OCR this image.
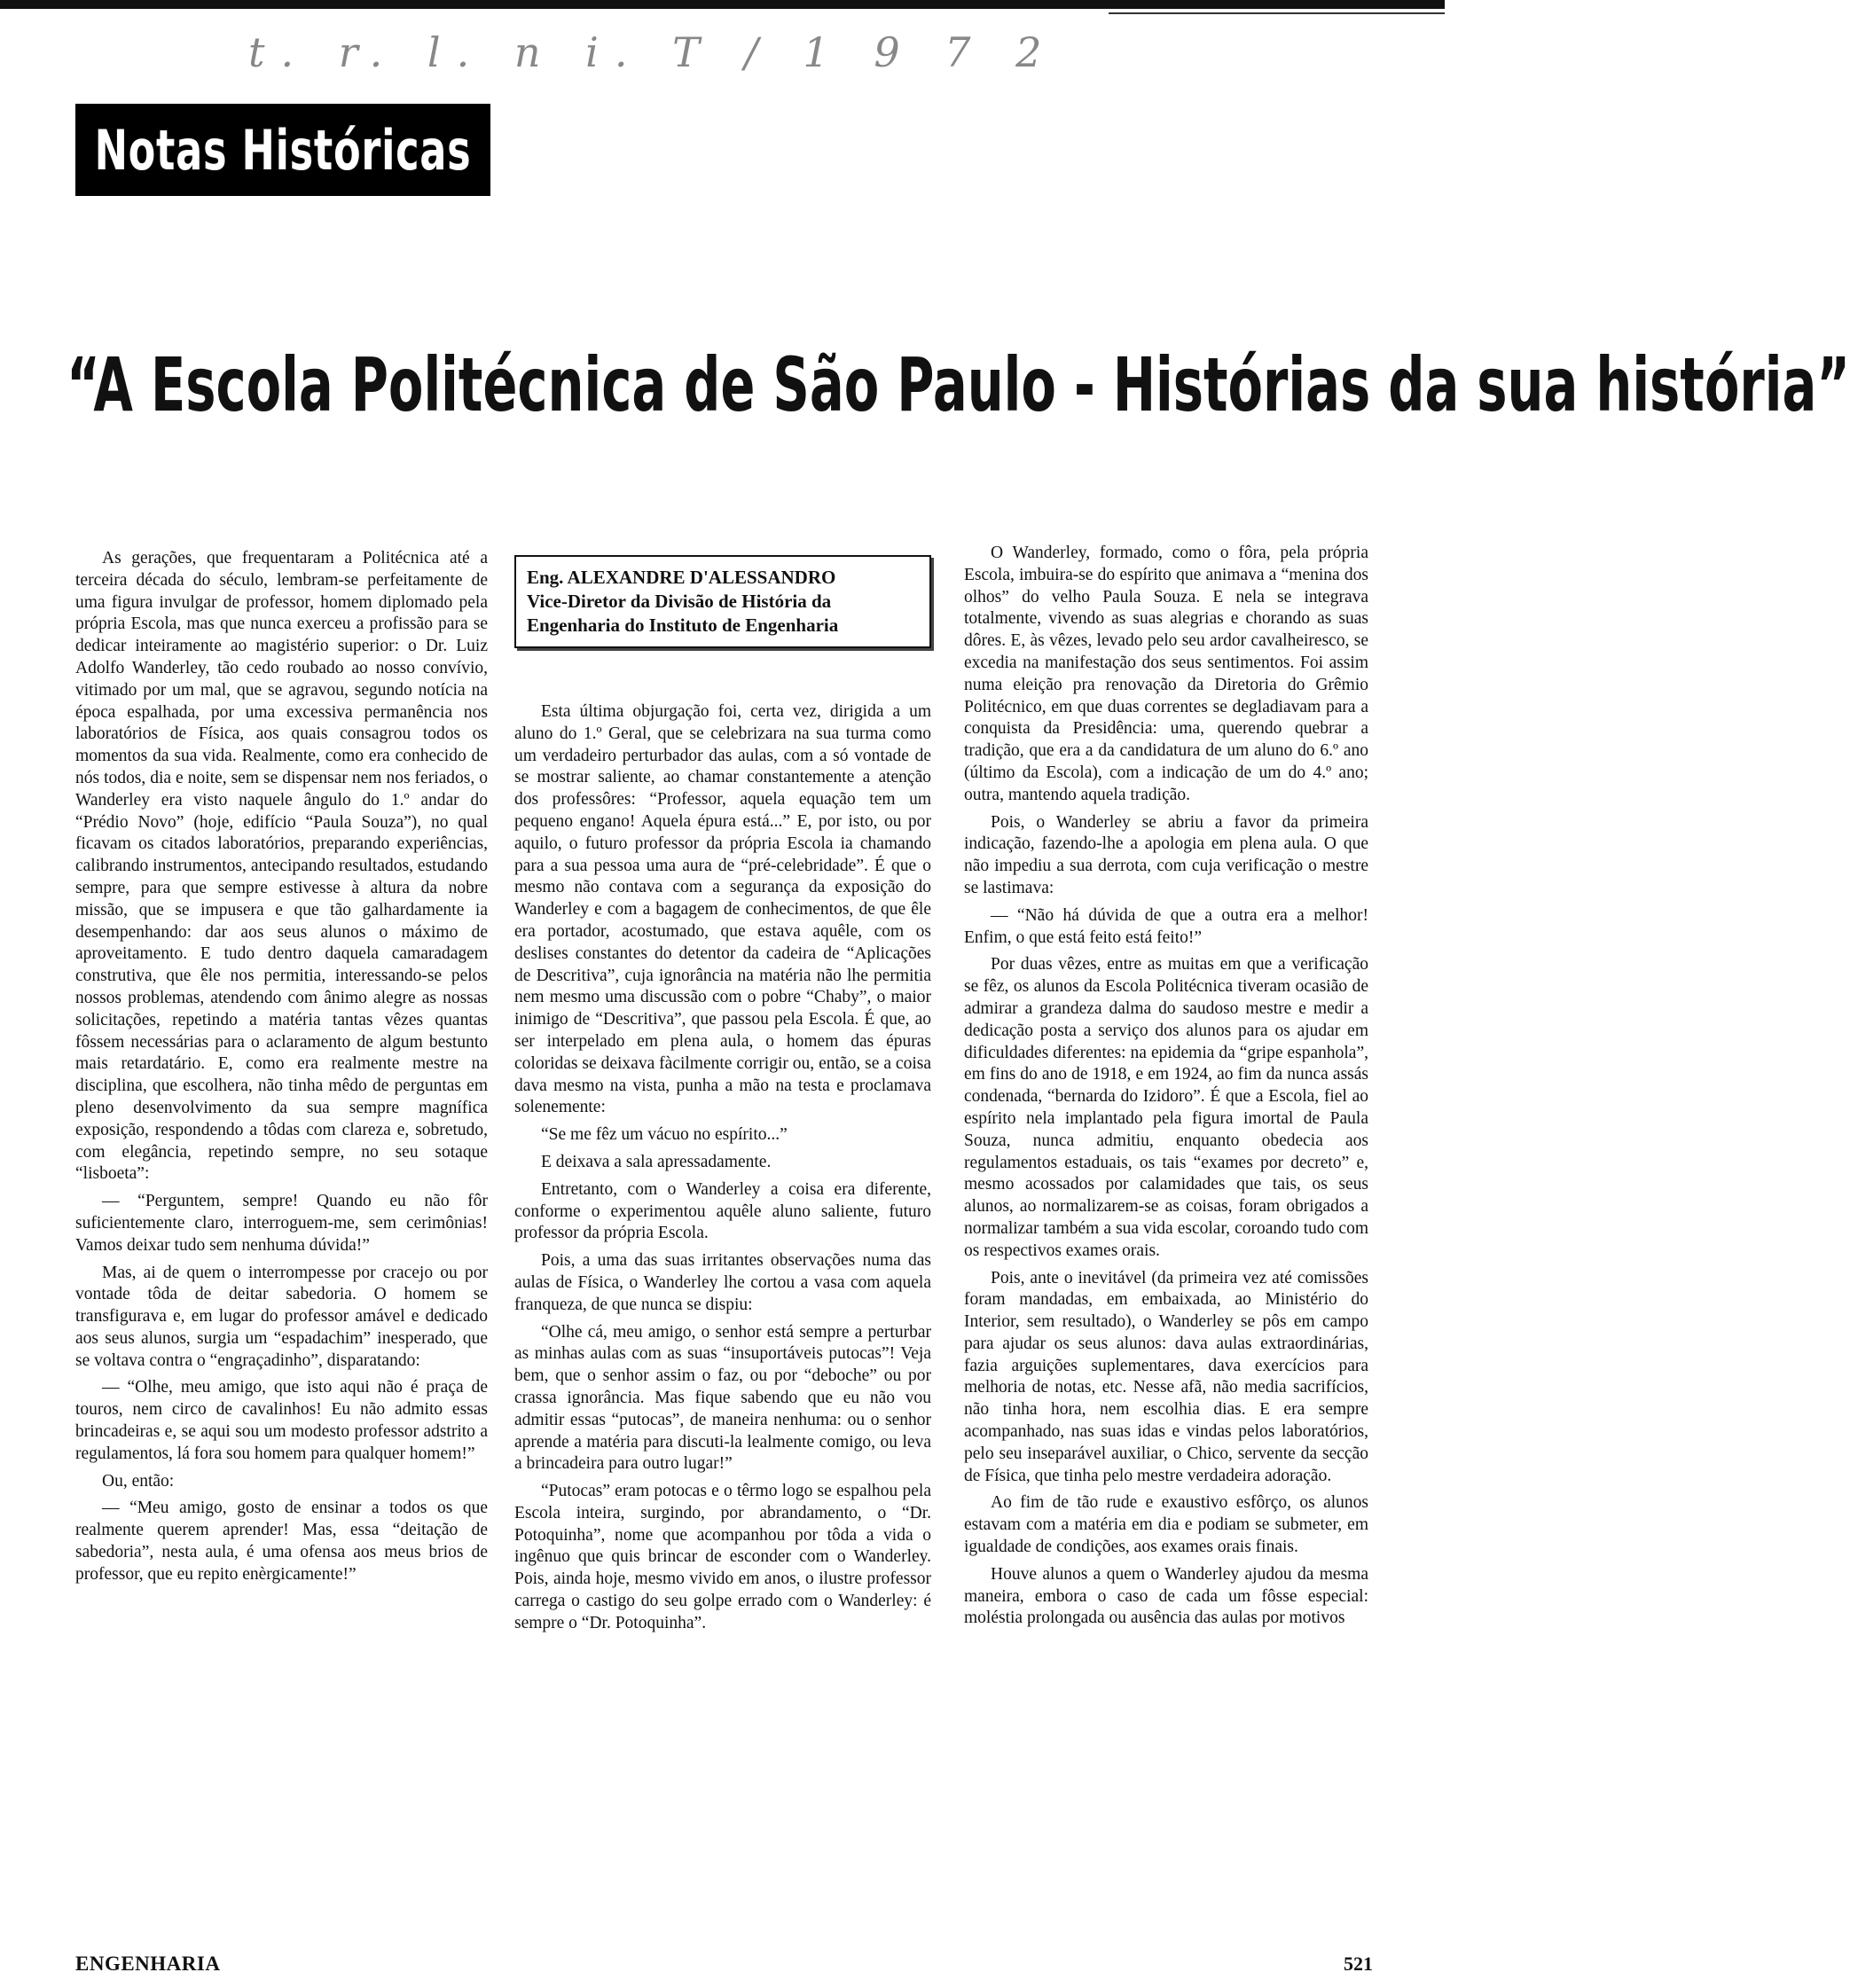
t. r. l. n i. T / 1 9 7 2
Notas Históricas
“A Escola Politécnica de São Paulo - Histórias da sua história”

As gerações, que frequentaram a Politécnica até a terceira década do século, lembram-se perfeitamente de uma figura invulgar de professor, homem diplomado pela própria Escola, mas que nunca exerceu a profissão para se dedicar inteiramente ao magistério superior: o Dr. Luiz Adolfo Wanderley, tão cedo roubado ao nosso convívio, vitimado por um mal, que se agravou, segundo notícia na época espalhada, por uma excessiva permanência nos laboratórios de Física, aos quais consagrou todos os momentos da sua vida. Realmente, como era conhecido de nós todos, dia e noite, sem se dispensar nem nos feriados, o Wanderley era visto naquele ângulo do 1.º andar do “Prédio Novo” (hoje, edifício “Paula Souza”), no qual ficavam os citados laboratórios, preparando experiências, calibrando instrumentos, antecipando resultados, estudando sempre, para que sempre estivesse à altura da nobre missão, que se impusera e que tão galhardamente ia desempenhando: dar aos seus alunos o máximo de aproveitamento. E tudo dentro daquela camaradagem construtiva, que êle nos permitia, interessando-se pelos nossos problemas, atendendo com ânimo alegre as nossas solicitações, repetindo a matéria tantas vêzes quantas fôssem necessárias para o aclaramento de algum bestunto mais retardatário. E, como era realmente mestre na disciplina, que escolhera, não tinha mêdo de perguntas em pleno desenvolvimento da sua sempre magnífica exposição, respondendo a tôdas com clareza e, sobretudo, com elegância, repetindo sempre, no seu sotaque “lisboeta”:

— “Perguntem, sempre! Quando eu não fôr suficientemente claro, interroguem-me, sem cerimônias! Vamos deixar tudo sem nenhuma dúvida!”

Mas, ai de quem o interrompesse por cracejo ou por vontade tôda de deitar sabedoria. O homem se transfigurava e, em lugar do professor amável e dedicado aos seus alunos, surgia um “espadachim” inesperado, que se voltava contra o “engraçadinho”, disparatando:

— “Olhe, meu amigo, que isto aqui não é praça de touros, nem circo de cavalinhos! Eu não admito essas brincadeiras e, se aqui sou um modesto professor adstrito a regulamentos, lá fora sou homem para qualquer homem!”

Ou, então:

— “Meu amigo, gosto de ensinar a todos os que realmente querem aprender! Mas, essa “deitação de sabedoria”, nesta aula, é uma ofensa aos meus brios de professor, que eu repito enèrgicamente!”

Eng. ALEXANDRE D'ALESSANDRO
Vice-Diretor da Divisão de História da Engenharia do Instituto de Engenharia

Esta última objurgação foi, certa vez, dirigida a um aluno do 1.º Geral, que se celebrizara na sua turma como um verdadeiro perturbador das aulas, com a só vontade de se mostrar saliente, ao chamar constantemente a atenção dos professôres: “Professor, aquela equação tem um pequeno engano! Aquela épura está...” E, por isto, ou por aquilo, o futuro professor da própria Escola ia chamando para a sua pessoa uma aura de “pré-celebridade”. É que o mesmo não contava com a segurança da exposição do Wanderley e com a bagagem de conhecimentos, de que êle era portador, acostumado, que estava aquêle, com os deslises constantes do detentor da cadeira de “Aplicações de Descritiva”, cuja ignorância na matéria não lhe permitia nem mesmo uma discussão com o pobre “Chaby”, o maior inimigo de “Descritiva”, que passou pela Escola. É que, ao ser interpelado em plena aula, o homem das épuras coloridas se deixava fàcilmente corrigir ou, então, se a coisa dava mesmo na vista, punha a mão na testa e proclamava solenemente:

“Se me fêz um vácuo no espírito...”

E deixava a sala apressadamente.

Entretanto, com o Wanderley a coisa era diferente, conforme o experimentou aquêle aluno saliente, futuro professor da própria Escola.

Pois, a uma das suas irritantes observações numa das aulas de Física, o Wanderley lhe cortou a vasa com aquela franqueza, de que nunca se dispiu:

“Olhe cá, meu amigo, o senhor está sempre a perturbar as minhas aulas com as suas “insuportáveis putocas”! Veja bem, que o senhor assim o faz, ou por “deboche” ou por crassa ignorância. Mas fique sabendo que eu não vou admitir essas “putocas”, de maneira nenhuma: ou o senhor aprende a matéria para discuti-la lealmente comigo, ou leva a brincadeira para outro lugar!”

“Putocas” eram potocas e o têrmo logo se espalhou pela Escola inteira, surgindo, por abrandamento, o “Dr. Potoquinha”, nome que acompanhou por tôda a vida o ingênuo que quis brincar de esconder com o Wanderley. Pois, ainda hoje, mesmo vivido em anos, o ilustre professor carrega o castigo do seu golpe errado com o Wanderley: é sempre o “Dr. Potoquinha”.

O Wanderley, formado, como o fôra, pela própria Escola, imbuira-se do espírito que animava a “menina dos olhos” do velho Paula Souza. E nela se integrava totalmente, vivendo as suas alegrias e chorando as suas dôres. E, às vêzes, levado pelo seu ardor cavalheiresco, se excedia na manifestação dos seus sentimentos. Foi assim numa eleição pra renovação da Diretoria do Grêmio Politécnico, em que duas correntes se degladiavam para a conquista da Presidência: uma, querendo quebrar a tradição, que era a da candidatura de um aluno do 6.º ano (último da Escola), com a indicação de um do 4.º ano; outra, mantendo aquela tradição.

Pois, o Wanderley se abriu a favor da primeira indicação, fazendo-lhe a apologia em plena aula. O que não impediu a sua derrota, com cuja verificação o mestre se lastimava:

— “Não há dúvida de que a outra era a melhor! Enfim, o que está feito está feito!”

Por duas vêzes, entre as muitas em que a verificação se fêz, os alunos da Escola Politécnica tiveram ocasião de admirar a grandeza dalma do saudoso mestre e medir a dedicação posta a serviço dos alunos para os ajudar em dificuldades diferentes: na epidemia da “gripe espanhola”, em fins do ano de 1918, e em 1924, ao fim da nunca assás condenada, “bernarda do Izidoro”. É que a Escola, fiel ao espírito nela implantado pela figura imortal de Paula Souza, nunca admitiu, enquanto obedecia aos regulamentos estaduais, os tais “exames por decreto” e, mesmo acossados por calamidades que tais, os seus alunos, ao normalizarem-se as coisas, foram obrigados a normalizar também a sua vida escolar, coroando tudo com os respectivos exames orais.

Pois, ante o inevitável (da primeira vez até comissões foram mandadas, em embaixada, ao Ministério do Interior, sem resultado), o Wanderley se pôs em campo para ajudar os seus alunos: dava aulas extraordinárias, fazia arguições suplementares, dava exercícios para melhoria de notas, etc. Nesse afã, não media sacrifícios, não tinha hora, nem escolhia dias. E era sempre acompanhado, nas suas idas e vindas pelos laboratórios, pelo seu inseparável auxiliar, o Chico, servente da secção de Física, que tinha pelo mestre verdadeira adoração.

Ao fim de tão rude e exaustivo esfôrço, os alunos estavam com a matéria em dia e podiam se submeter, em igualdade de condições, aos exames orais finais.

Houve alunos a quem o Wanderley ajudou da mesma maneira, embora o caso de cada um fôsse especial: moléstia prolongada ou ausência das aulas por motivos

ENGENHARIA	521
